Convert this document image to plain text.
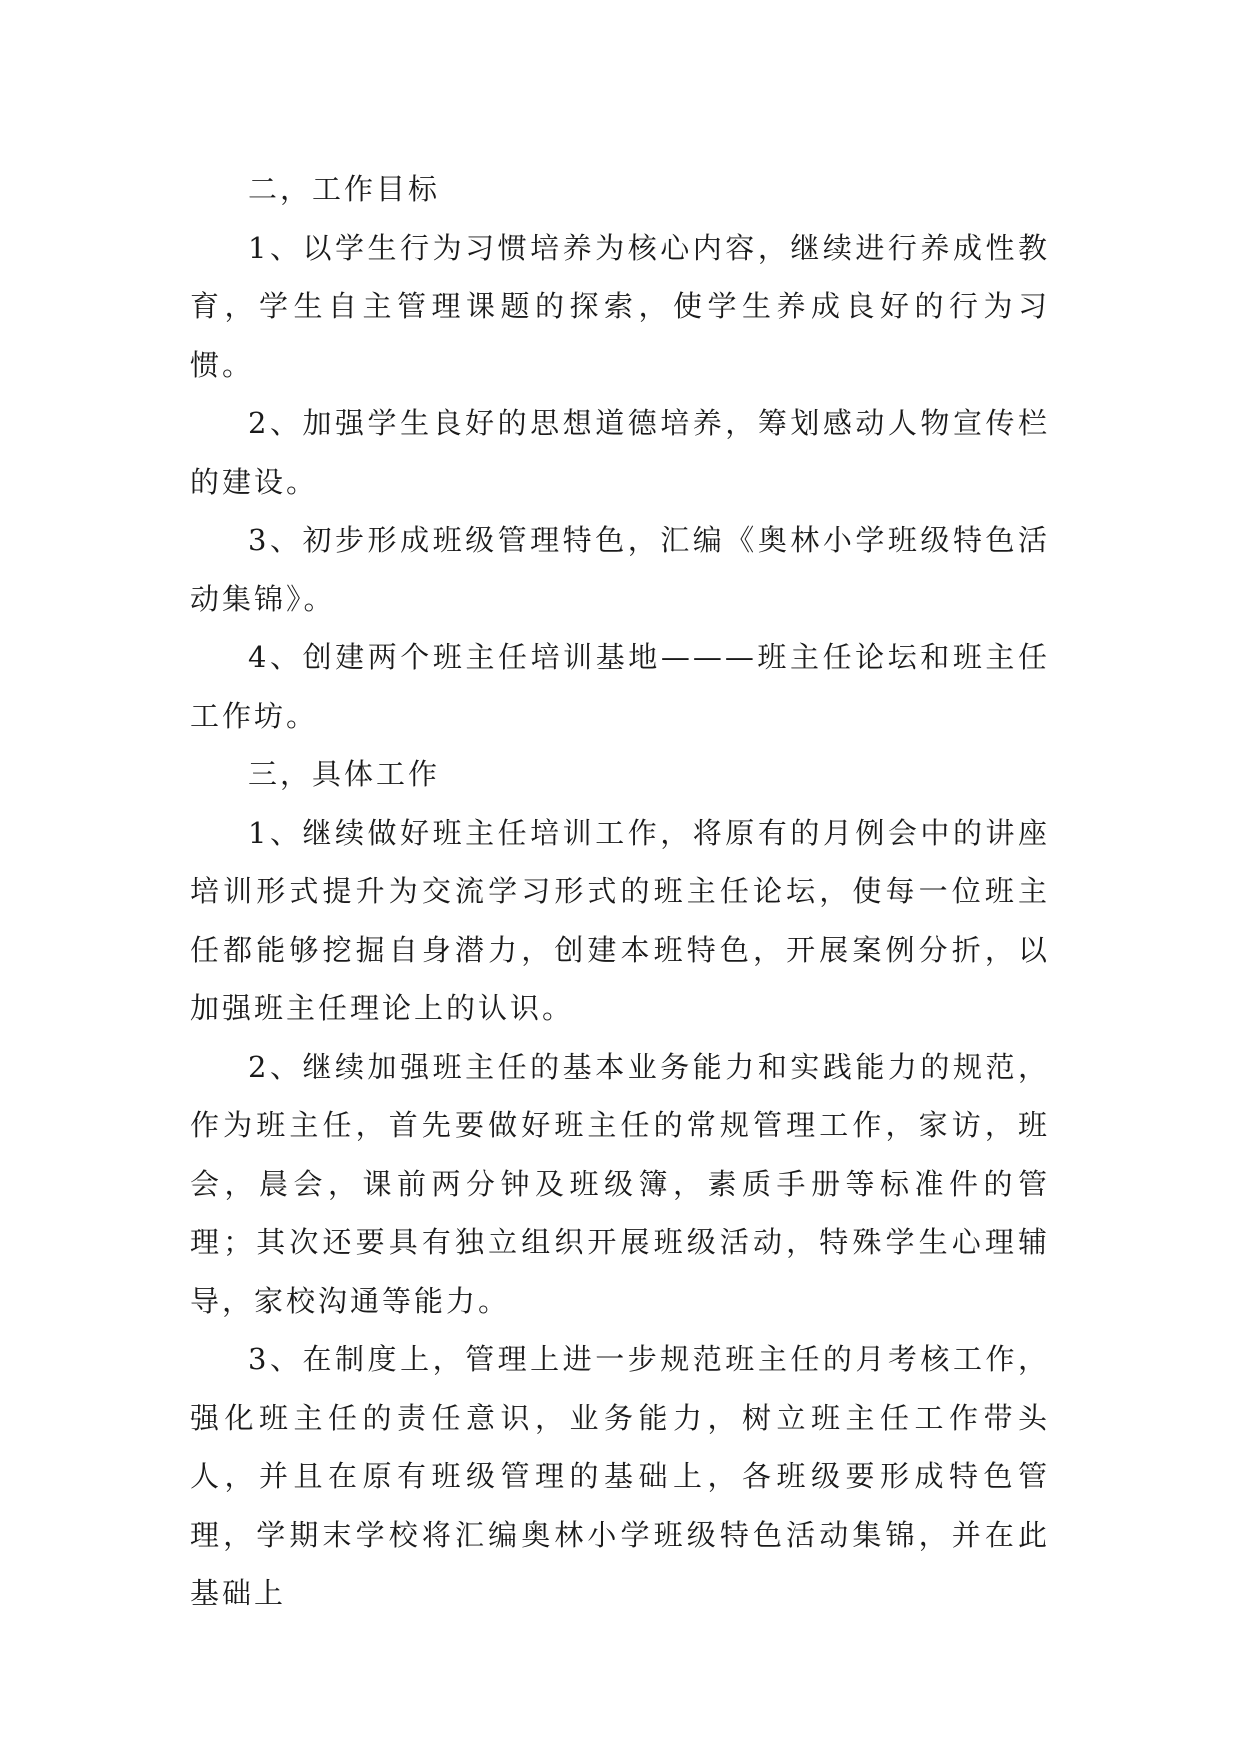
二，工作目标

1、以学生行为习惯培养为核心内容，继续进行养成性教育，学生自主管理课题的探索，使学生养成良好的行为习惯。

2、加强学生良好的思想道德培养，筹划感动人物宣传栏的建设。

3、初步形成班级管理特色，汇编《奥林小学班级特色活动集锦》。

4、创建两个班主任培训基地———班主任论坛和班主任工作坊。

三，具体工作

1、继续做好班主任培训工作，将原有的月例会中的讲座培训形式提升为交流学习形式的班主任论坛，使每一位班主任都能够挖掘自身潜力，创建本班特色，开展案例分折，以加强班主任理论上的认识。

2、继续加强班主任的基本业务能力和实践能力的规范，作为班主任，首先要做好班主任的常规管理工作，家访，班会，晨会，课前两分钟及班级簿，素质手册等标准件的管理；其次还要具有独立组织开展班级活动，特殊学生心理辅导，家校沟通等能力。

3、在制度上，管理上进一步规范班主任的月考核工作，强化班主任的责任意识，业务能力，树立班主任工作带头人，并且在原有班级管理的基础上，各班级要形成特色管理，学期末学校将汇编奥林小学班级特色活动集锦，并在此基础上
